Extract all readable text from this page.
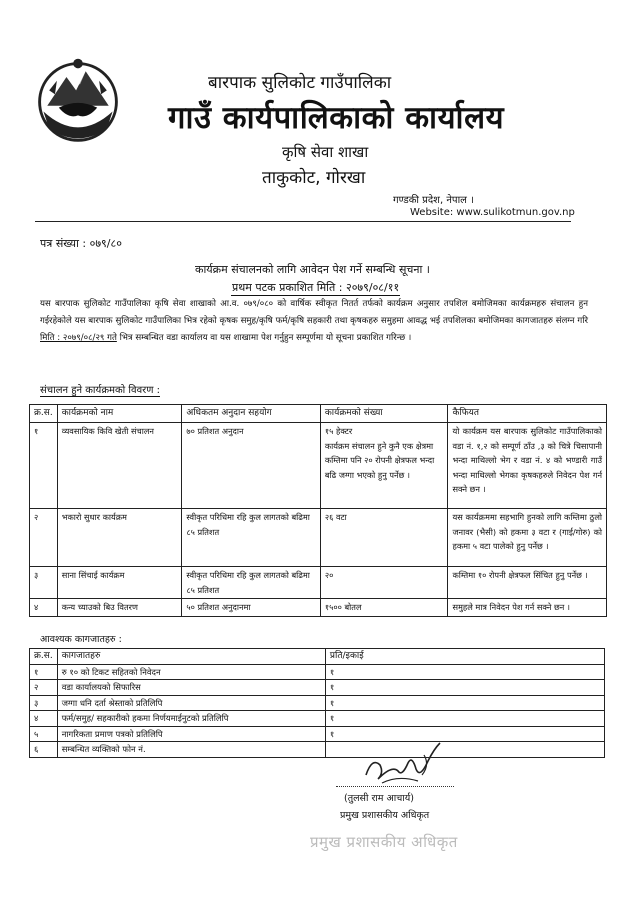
बारपाक सुलिकोट गाउँपालिका
गाउँ कार्यपालिकाको कार्यालय
कृषि सेवा शाखा
ताकुकोट, गोरखा
गण्डकी प्रदेश, नेपाल ।
Website: www.sulikotmun.gov.np
पत्र संख्या : ०७९/८०
कार्यक्रम संचालनको लागि आवेदन पेश गर्ने सम्बन्धि सूचना ।
प्रथम पटक प्रकाशित मिति : २०७९/०८/११
यस बारपाक सुलिकोट गाउँपालिका कृषि सेवा शाखाको आ.व. ०७९/०८० को वार्षिक स्वीकृत नितर्त तर्फको कार्यक्रम अनुसार तपशिल बमोजिमका कार्यक्रमहरु संचालन हुन गईरहेकोले यस बारपाक सुलिकोट गाउँपालिका भित्र रहेको कृषक समुह/कृषि फर्म/कृषि सहकारी तथा कृषकहरु समुहमा आवद्ध भई तपशिलका बमोजिमका कागजातहरु संलग्न गरि मिति : २०७९/०८/२९ गते भित्र सम्बन्धित वडा कार्यालय वा यस शाखामा पेश गर्नुहुन सम्पूर्णमा यो सूचना प्रकाशित गरिन्छ ।
संचालन हुने कार्यक्रमको विवरण :
क्र.स.	कार्यक्रमको नाम	अधिकतम अनुदान सहयोग	कार्यक्रमको संख्या	कैफियत
१	व्यवसायिक किवि खेती संचालन	७० प्रतिशत अनुदान	१५ हेक्टर
कार्यक्रम संचालन हुने कुनै एक क्षेत्रमा कम्तिमा पनि २० रोपनी क्षेत्रफल भन्दा बढि जग्गा भएको हुनु पर्नेछ ।	यो कार्यक्रम यस बारपाक सुलिकोट गाउँपालिकाको वडा नं. १,२ को सम्पूर्ण ठाँउ ,३ को चित्रे चिसापानी भन्दा माथिल्लो भेग र वडा नं. ४ को भण्डारी गाउँ भन्दा माथिल्लो भेगका कृषकहरुले निवेदन पेश गर्न सक्ने छन ।
२	भकारो सुधार कार्यक्रम	स्वीकृत परिधिमा रहि कुल लागतको बढिमा ८५ प्रतिशत	२६ वटा	यस कार्यक्रममा सहभागि हुनको लागि कम्तिमा ठुलो जनावर (भैसी) को हकमा ३ वटा र (गाई/गोरु) को हकमा ५ वटा पालेको हुनु पर्नेछ ।
३	साना सिंचाई कार्यक्रम	स्वीकृत परिधिमा रहि कुल लागतको बढिमा ८५ प्रतिशत	२०	कम्तिमा १० रोपनी क्षेत्रफल सिंचित हुनु पर्नेछ ।
४	कन्य च्याउको बिउ वितरण	५० प्रतिशत अनुदानमा	१५०० बोतल	समुहले मात्र निवेदन पेश गर्न सक्ने छन ।
आवश्यक कागजातहरु :
क्र.स.	कागजातहरु	प्रति/इकाई
१	रु १० को टिकट सहितको निवेदन	१
२	वडा कार्यालयको सिफारिस	१
३	जग्गा धनि दर्ता श्रेस्ताको प्रतिलिपि	१
४	फर्म/समुह/ सहकारीको हकमा निर्णयमाईनुटको प्रतिलिपि	१
५	नागरिकता प्रमाण पत्रको प्रतिलिपि	१
६	सम्बन्धित व्यक्तिको फोन नं.	
(तुलसी राम आचार्य)
प्रमुख प्रशासकीय अधिकृत
प्रमुख प्रशासकीय अधिकृत
